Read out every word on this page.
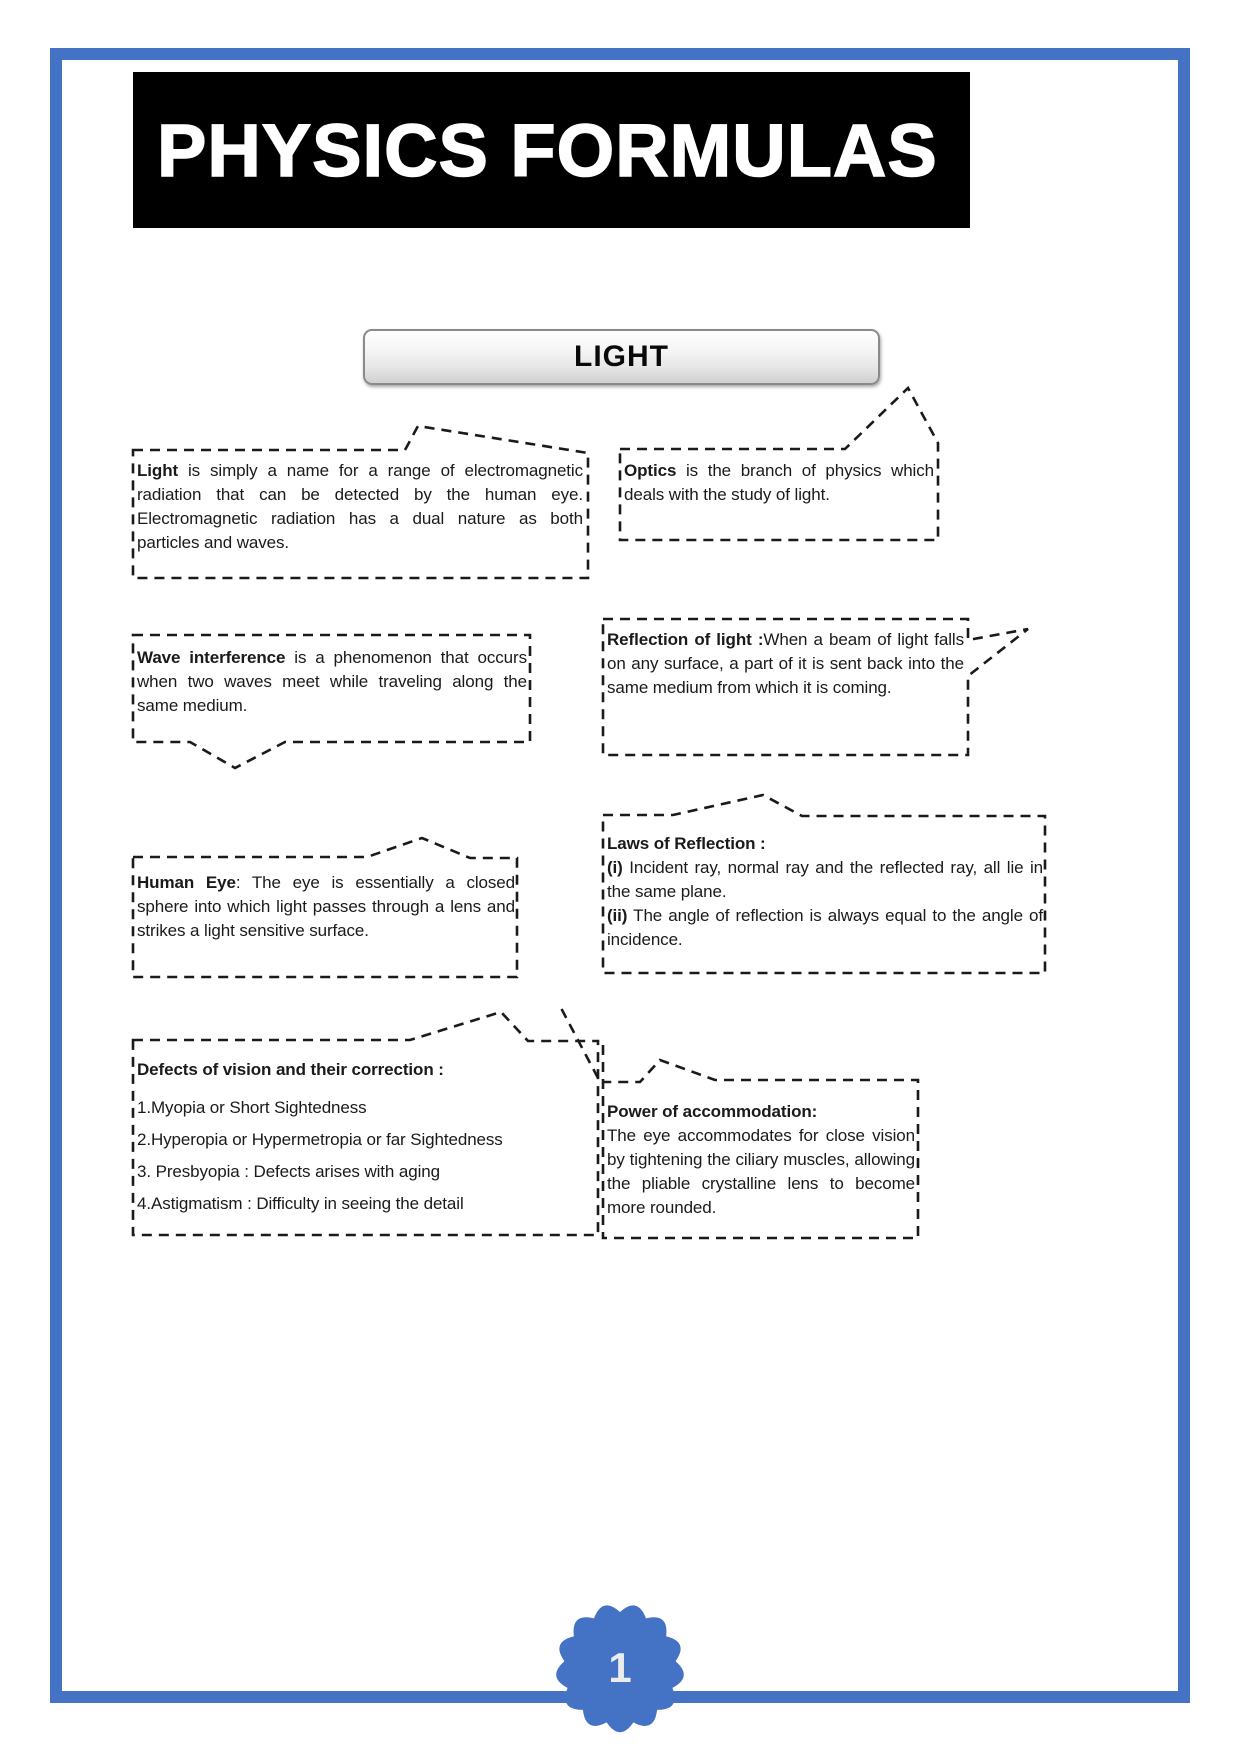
PHYSICS FORMULAS
LIGHT
Light is simply a name for a range of electromagnetic radiation that can be detected by the human eye. Electromagnetic radiation has a dual nature as both particles and waves.
Optics is the branch of physics which deals with the study of light.
Wave interference is a phenomenon that occurs when two waves meet while traveling along the same medium.
Reflection of light :When a beam of light falls on any surface, a part of it is sent back into the same medium from which it is coming.
Laws of Reflection :
(i) Incident ray, normal ray and the reflected ray, all lie in the same plane.
(ii) The angle of reflection is always equal to the angle of incidence.
Human Eye: The eye is essentially a closed sphere into which light passes through a lens and strikes a light sensitive surface.
Defects of vision and their correction :
1.Myopia or Short Sightedness
2.Hyperopia or Hypermetropia or far Sightedness
3. Presbyopia : Defects arises with aging
4.Astigmatism : Difficulty in seeing the detail
Power of accommodation:
The eye accommodates for close vision by tightening the ciliary muscles, allowing the pliable crystalline lens to become more rounded.
1
